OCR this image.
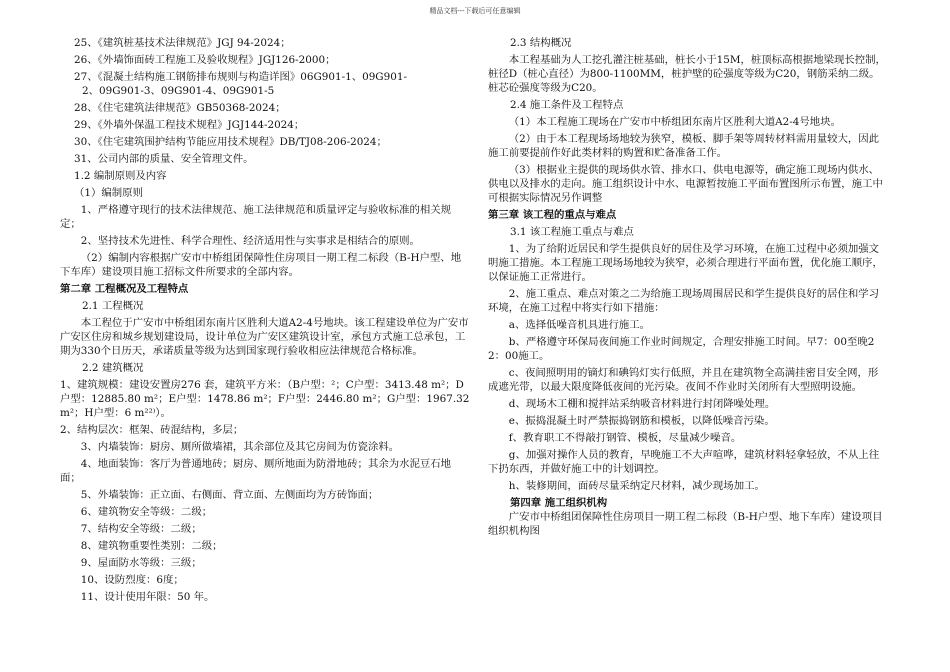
精品文档---下载后可任意编辑

25、《建筑桩基技术法律规范》JGJ 94-2024；

26、《外墙饰面砖工程施工及验收规程》JGJ126-2000；

27、《混凝土结构施工钢筋排布规则与构造详图》06G901-1、09G901-

2、09G901-3、09G901-4、09G901-5

28、《住宅建筑法律规范》GB50368-2024；

29、《外墙外保温工程技术规程》JGJ144-2024；

30、《住宅建筑围护结构节能应用技术规程》DB/TJ08-206-2024；

31、公司内部的质量、安全管理文件。

1.2 编制原则及内容

（1）编制原则

1、严格遵守现行的技术法律规范、施工法律规范和质量评定与验收标准的相关规定；

2、坚持技术先进性、科学合理性、经济适用性与实事求是相结合的原则。

（2）编制内容根据广安市中桥组团保障性住房项目一期工程二标段（B-H户型、地下车库）建设项目施工招标文件所要求的全部内容。

第二章 工程概况及工程特点

2.1 工程概况

本工程位于广安市中桥组团东南片区胜利大道A2-4号地块。该工程建设单位为广安市广安区住房和城乡规划建设局，设计单位为广安区建筑设计室，承包方式施工总承包，工期为330个日历天，承诺质量等级为达到国家现行验收相应法律规范合格标准。

2.2 建筑概况

1、建筑规模：建设安置房276 套，建筑平方米：（B户型：²；C户型：3413.48 m²；D户型：12885.80 m²；E户型：1478.86 m²；F户型：2446.80 m²；G户型：1967.32 m²；H户型：6 m²²⁾）。

2、结构层次：框架、砖混结构，多层；

3、内墙装饰：厨房、厕所做墙裙，其余部位及其它房间为仿瓷涂料。

4、地面装饰：客厅为普通地砖；厨房、厕所地面为防滑地砖；其余为水泥豆石地面；

5、外墙装饰：正立面、右侧面、背立面、左侧面均为方砖饰面；

6、建筑物安全等级：二级；

7、结构安全等级：二级；

8、建筑物重要性类别：二级；

9、屋面防水等级：三级；

10、设防烈度：6度；

11、设计使用年限：50 年。

2.3 结构概况

本工程基础为人工挖孔灌注桩基础，桩长小于15M，桩顶标高根据地梁现长控制，桩径D（桩心直径）为800-1100MM，桩护壁的砼强度等级为C20，钢筋采纳二级。桩芯砼强度等级为C20。

2.4 施工条件及工程特点

（1）本工程施工现场在广安市中桥组团东南片区胜利大道A2-4号地块。

（2）由于本工程现场场地较为狭窄，模板、脚手架等周转材料需用量较大，因此施工前要提前作好此类材料的购置和贮备准备工作。

（3）根据业主提供的现场供水管、排水口、供电电源等，确定施工现场内供水、供电以及排水的走向。施工组织设计中水、电源暂按施工平面布置图所示布置，施工中可根据实际情况另作调整

第三章 该工程的重点与难点

3.1 该工程施工重点与难点

1、为了给附近居民和学生提供良好的居住及学习环境，在施工过程中必须加强文明施工措施。本工程施工现场场地较为狭窄，必须合理进行平面布置，优化施工顺序，以保证施工正常进行。

2、施工重点、难点对策之二为给施工现场周围居民和学生提供良好的居住和学习环境，在施工过程中将实行如下措施：

a、选择低噪音机具进行施工。

b、严格遵守环保局夜间施工作业时间规定，合理安排施工时间。早7：00至晚22：00施工。

c、夜间照明用的镝灯和碘钨灯实行低照，并且在建筑物全高满挂密目安全网，形成遮光带，以最大限度降低夜间的光污染。夜间不作业时关闭所有大型照明设施。

d、现场木工棚和搅拌站采纳吸音材料进行封闭降噪处理。

e、振捣混凝土时严禁振捣钢筋和模板，以降低噪音污染。

f、教育职工不得敲打钢管、模板，尽量减少噪音。

g、加强对操作人员的教育，早晚施工不大声喧哗，建筑材料轻拿轻放，不从上往下扔东西，并做好施工中的计划调控。

h、装修期间，面砖尽量采纳定尺材料，减少现场加工。

第四章 施工组织机构

广安市中桥组团保障性住房项目一期工程二标段（B-H户型、地下车库）建设项目组织机构图
